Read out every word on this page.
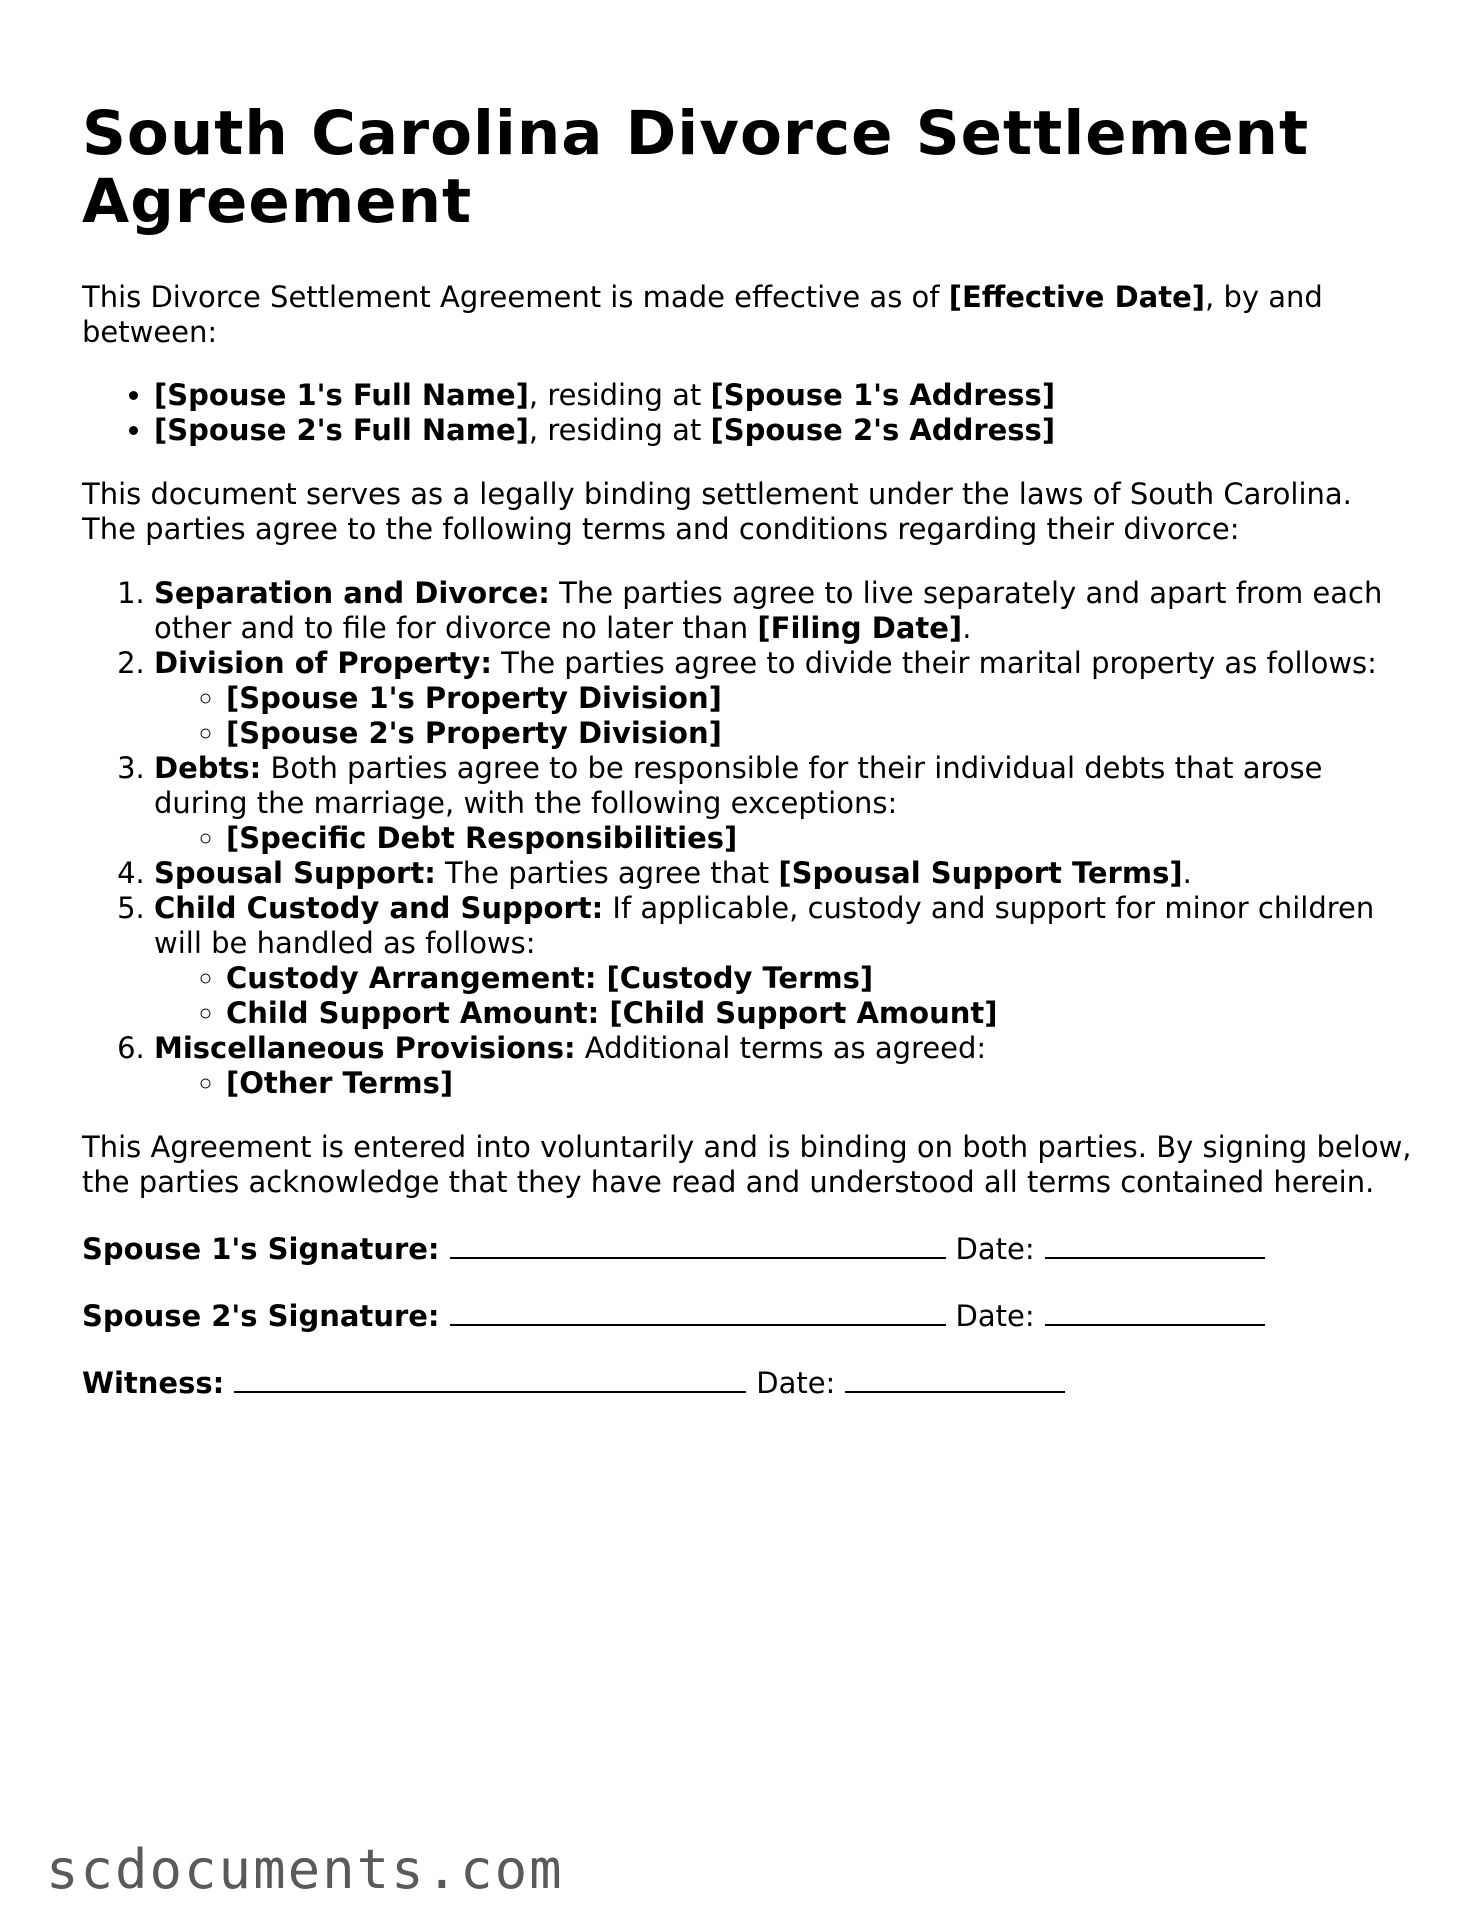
South Carolina Divorce Settlement Agreement

This Divorce Settlement Agreement is made effective as of [Effective Date], by and between:

• [Spouse 1's Full Name], residing at [Spouse 1's Address]
• [Spouse 2's Full Name], residing at [Spouse 2's Address]

This document serves as a legally binding settlement under the laws of South Carolina. The parties agree to the following terms and conditions regarding their divorce:

1. Separation and Divorce: The parties agree to live separately and apart from each other and to file for divorce no later than [Filing Date].
2. Division of Property: The parties agree to divide their marital property as follows:
◦ [Spouse 1's Property Division]
◦ [Spouse 2's Property Division]
3. Debts: Both parties agree to be responsible for their individual debts that arose during the marriage, with the following exceptions:
◦ [Specific Debt Responsibilities]
4. Spousal Support: The parties agree that [Spousal Support Terms].
5. Child Custody and Support: If applicable, custody and support for minor children will be handled as follows:
◦ Custody Arrangement: [Custody Terms]
◦ Child Support Amount: [Child Support Amount]
6. Miscellaneous Provisions: Additional terms as agreed:
◦ [Other Terms]

This Agreement is entered into voluntarily and is binding on both parties. By signing below, the parties acknowledge that they have read and understood all terms contained herein.

Spouse 1's Signature:	Date:
Spouse 2's Signature:	Date:
Witness:	Date:
scdocuments.com
